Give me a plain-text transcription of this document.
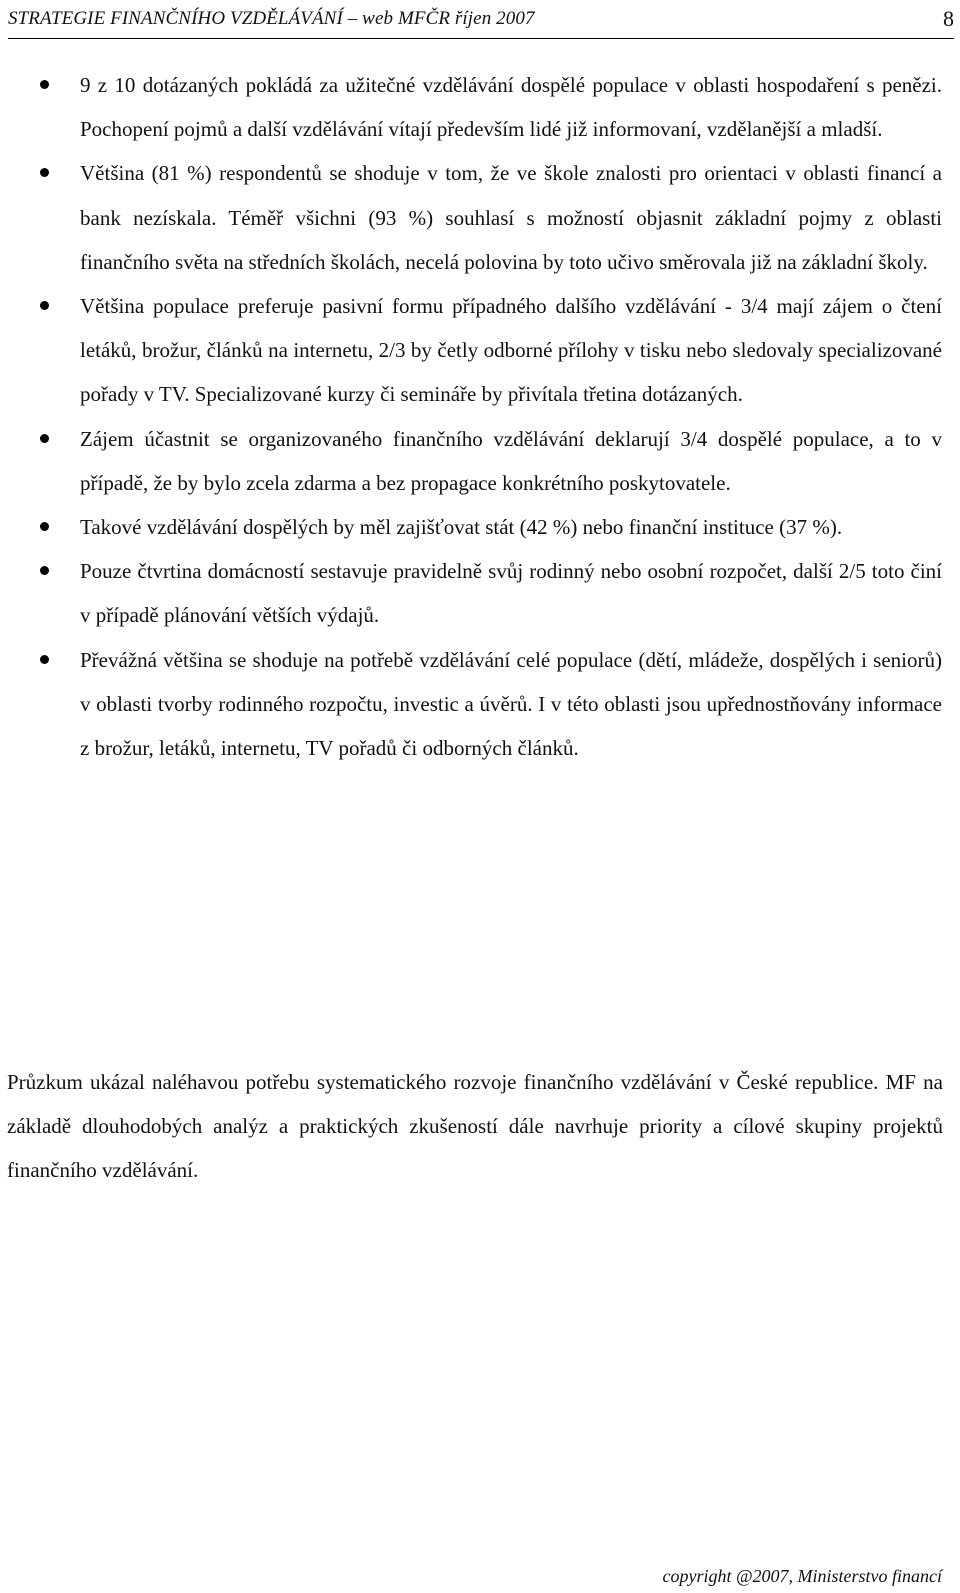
STRATEGIE FINANČNÍHO VZDĚLÁVÁNÍ – web MFČR říjen 2007	8
9 z 10 dotázaných pokládá za užitečné vzdělávání dospělé populace v oblasti hospodaření s penězi. Pochopení pojmů a další vzdělávání vítají především lidé již informovaní, vzdělanější a mladší.
Většina (81 %) respondentů se shoduje v tom, že ve škole znalosti pro orientaci v oblasti financí a bank nezískala. Téměř všichni (93 %) souhlasí s možností objasnit základní pojmy z oblasti finančního světa na středních školách, necelá polovina by toto učivo směrovala již na základní školy.
Většina populace preferuje pasivní formu případného dalšího vzdělávání - 3/4 mají zájem o čtení letáků, brožur, článků na internetu, 2/3 by četly odborné přílohy v tisku nebo sledovaly specializované pořady v TV. Specializované kurzy či semináře by přivítala třetina dotázaných.
Zájem účastnit se organizovaného finančního vzdělávání deklarují 3/4 dospělé populace, a to v případě, že by bylo zcela zdarma a bez propagace konkrétního poskytovatele.
Takové vzdělávání dospělých by měl zajišťovat stát (42 %) nebo finanční instituce (37 %).
Pouze čtvrtina domácností sestavuje pravidelně svůj rodinný nebo osobní rozpočet, další 2/5 toto činí v případě plánování větších výdajů.
Převážná většina se shoduje na potřebě vzdělávání celé populace (dětí, mládeže, dospělých i seniorů) v oblasti tvorby rodinného rozpočtu, investic a úvěrů. I v této oblasti jsou upřednostňovány informace z brožur, letáků, internetu, TV pořadů či odborných článků.

Průzkum ukázal naléhavou potřebu systematického rozvoje finančního vzdělávání v České republice. MF na základě dlouhodobých analýz a praktických zkušeností dále navrhuje priority a cílové skupiny projektů finančního vzdělávání.

copyright @2007, Ministerstvo financí
